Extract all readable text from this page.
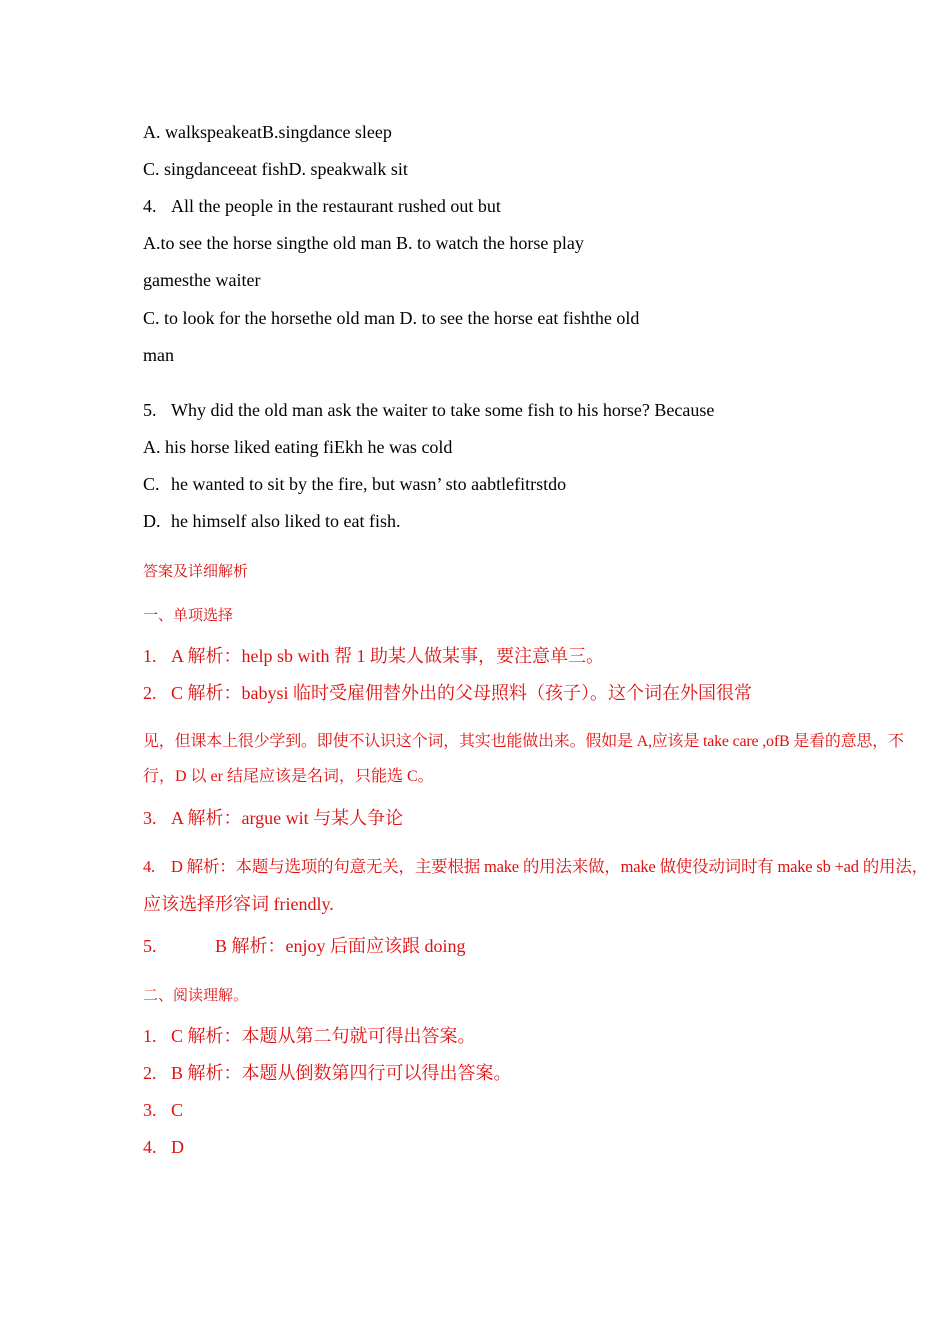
A. walkspeakeatB.singdance sleep
C. singdanceeat fishD. speakwalk sit
4. All the people in the restaurant rushed out but
A.to see the horse singthe old man B. to watch the horse play
gamesthe waiter
C. to look for the horsethe old man D. to see the horse eat fishthe old
man
5. Why did the old man ask the waiter to take some fish to his horse? Because
A. his horse liked eating fiEkh he was cold
C. he wanted to sit by the fire, but wasn’ sto aabtlefitrstdo
D. he himself also liked to eat fish.
答案及详细解析
一、单项选择
1. A 解析：help sb with 帮 1 助某人做某事，要注意单三。
2. C 解析：babysi 临时受雇佣替外出的父母照料（孩子）。这个词在外国很常
见，但课本上很少学到。即使不认识这个词，其实也能做出来。假如是 A,应该是 take care ,ofB 是看的意思，不
行，D 以 er 结尾应该是名词，只能选 C。
3. A 解析：argue wit 与某人争论
4. D 解析：本题与选项的句意无关，主要根据 make 的用法来做，make 做使役动词时有 make sb +ad 的用法，
应该选择形容词 friendly.
5.	B 解析：enjoy 后面应该跟 doing
二、阅读理解。
1. C 解析：本题从第二句就可得出答案。
2. B 解析：本题从倒数第四行可以得出答案。
3. C
4. D
